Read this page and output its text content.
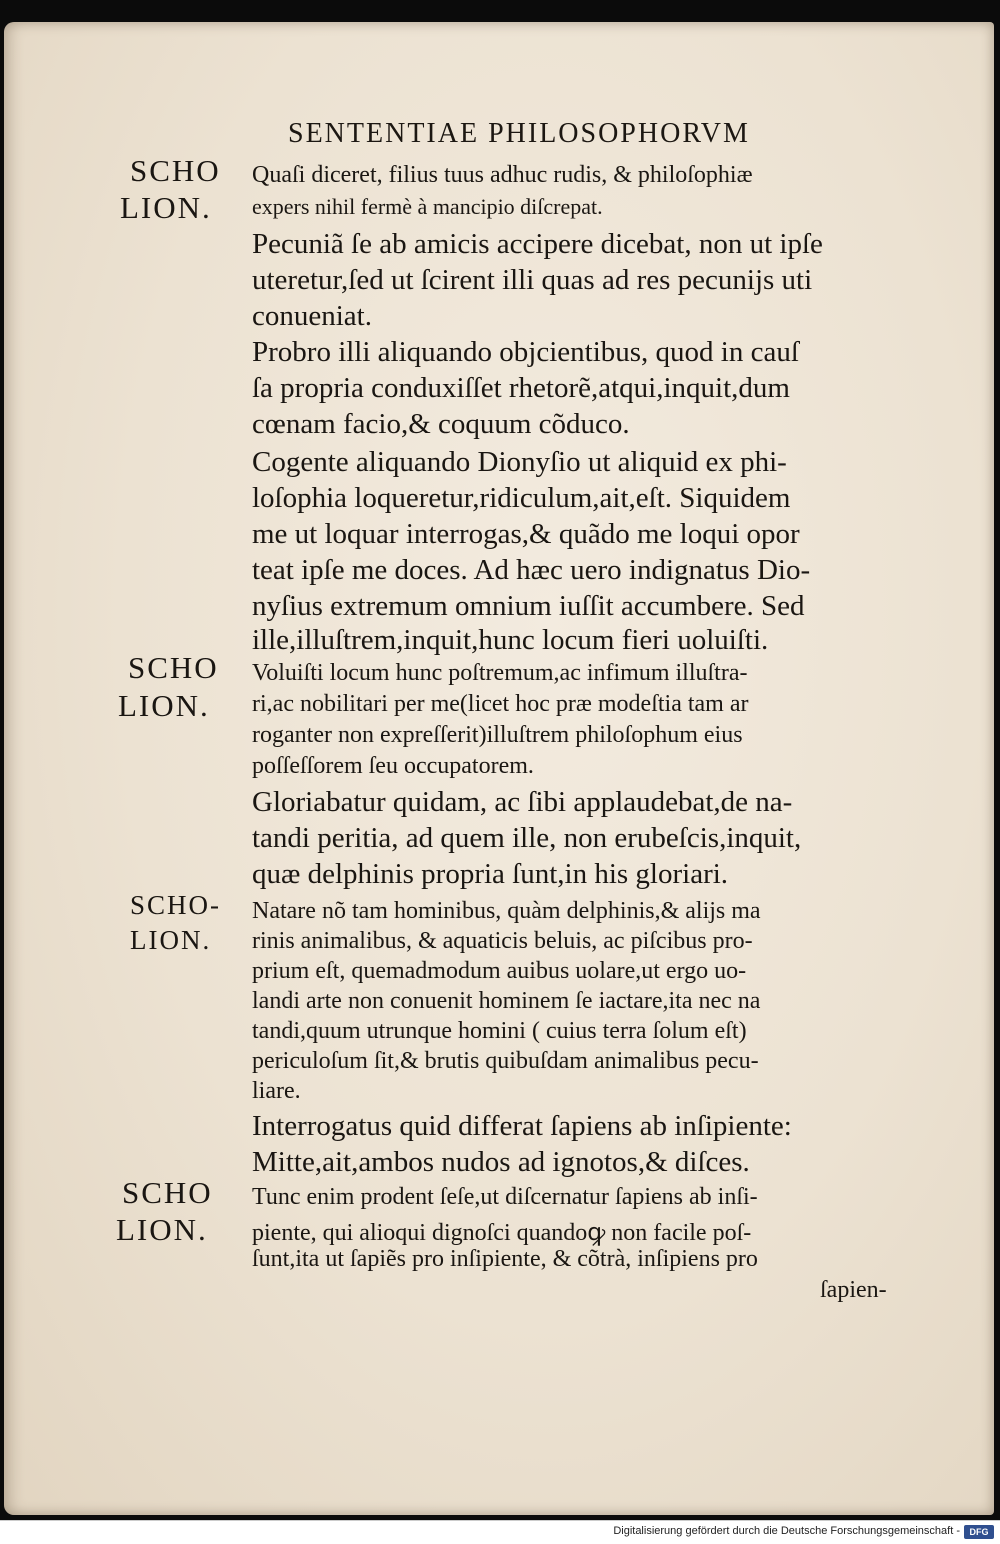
SENTENTIAE PHILOSOPHORVM
SCHO
LION.
SCHO
LION.
SCHO-
LION.
SCHO
LION.
Quaſi diceret, filius tuus adhuc rudis, & philoſophiæ
expers nihil fermè à mancipio diſcrepat.
Pecuniã ſe ab amicis accipere dicebat, non ut ipſe
uteretur,ſed ut ſcirent illi quas ad res pecuniјs uti
conueniat.
Probro illi aliquando obјcientibus, quod in cauſ
ſa propria conduxiſſet rhetorẽ,atqui,inquit,dum
cœnam facio,& coquum cõduco.
Cogente aliquando Dionyſio ut aliquid ex phi-
loſophia loqueretur,ridiculum,ait,eſt. Siquidem
me ut loquar interrogas,& quãdo me loqui opor
teat ipſe me doces. Ad hæc uero indignatus Dio-
nyſius extremum omnium iuſſit accumbere. Sed
ille,illuſtrem,inquit,hunc locum fieri uoluiſti.
Voluiſti locum hunc poſtremum,ac infimum illuſtra-
ri,ac nobilitari per me(licet hoc præ modeſtia tam ar
roganter non expreſſerit)illuſtrem philoſophum eius
poſſeſſorem ſeu occupatorem.
Gloriabatur quidam, ac ſibi applaudebat,de na-
tandi peritia, ad quem ille, non erubeſcis,inquit,
quæ delphinis propria ſunt,in his gloriari.
Natare nõ tam hominibus, quàm delphinis,& aliјs ma
rinis animalibus, & aquaticis beluis, ac piſcibus pro-
prium eſt, quemadmodum auibus uolare,ut ergo uo-
landi arte non conuenit hominem ſe iactare,ita nec na
tandi,quum utrunque homini ( cuius terra ſolum eſt)
periculoſum ſit,& brutis quibuſdam animalibus pecu-
liare.
Interrogatus quid differat ſapiens ab inſipiente:
Mitte,ait,ambos nudos ad ignotos,& diſces.
Tunc enim prodent ſeſe,ut diſcernatur ſapiens ab inſi-
piente, qui alioqui dignoſci quandoꝙ non facile poſ-
ſunt,ita ut ſapiẽs pro inſipiente, & cõtrà, inſipiens pro
ſapien-
Digitalisierung gefördert durch die Deutsche Forschungsgemeinschaft -	DFG
